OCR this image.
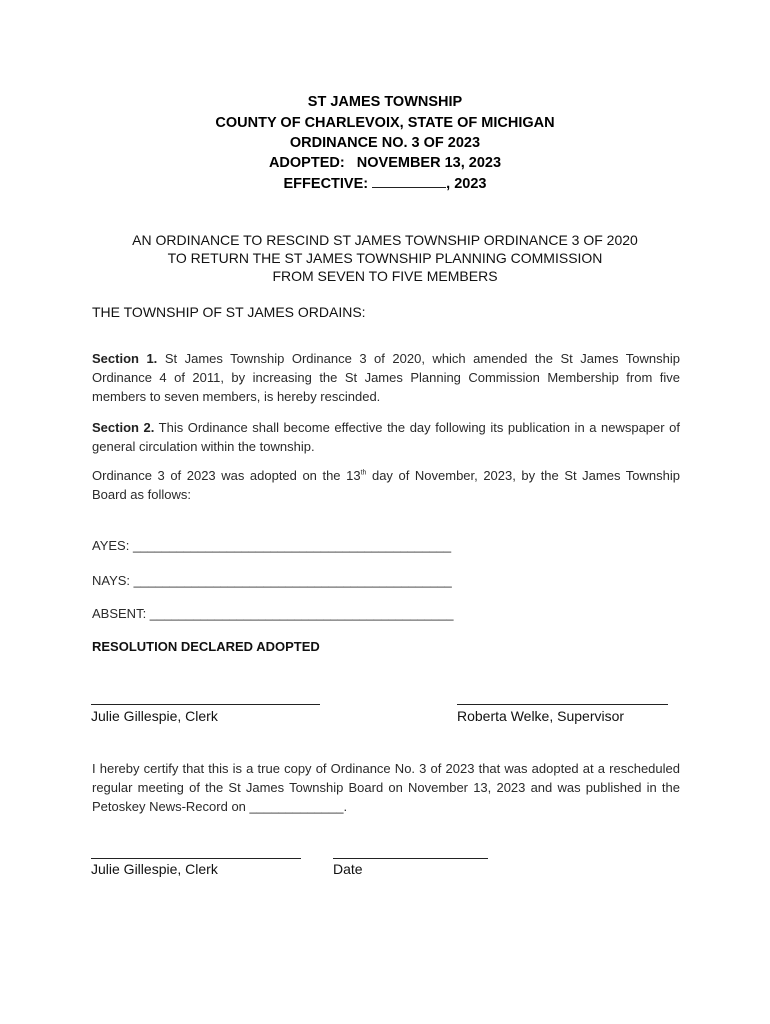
ST JAMES TOWNSHIP
COUNTY OF CHARLEVOIX, STATE OF MICHIGAN
ORDINANCE NO. 3 OF 2023
ADOPTED: NOVEMBER 13, 2023
EFFECTIVE:	, 2023
AN ORDINANCE TO RESCIND ST JAMES TOWNSHIP ORDINANCE 3 OF 2020
TO RETURN THE ST JAMES TOWNSHIP PLANNING COMMISSION
FROM SEVEN TO FIVE MEMBERS
THE TOWNSHIP OF ST JAMES ORDAINS:
Section 1. St James Township Ordinance 3 of 2020, which amended the St James Township Ordinance 4 of 2011, by increasing the St James Planning Commission Membership from five members to seven members, is hereby rescinded.
Section 2. This Ordinance shall become effective the day following its publication in a newspaper of general circulation within the township.
Ordinance 3 of 2023 was adopted on the 13th day of November, 2023, by the St James Township Board as follows:
AYES: ____________________________________________
NAYS: ____________________________________________
ABSENT: __________________________________________
RESOLUTION DECLARED ADOPTED
Julie Gillespie, Clerk	Roberta Welke, Supervisor
I hereby certify that this is a true copy of Ordinance No. 3 of 2023 that was adopted at a rescheduled regular meeting of the St James Township Board on November 13, 2023 and was published in the Petoskey News-Record on _____________.
Julie Gillespie, Clerk	Date
